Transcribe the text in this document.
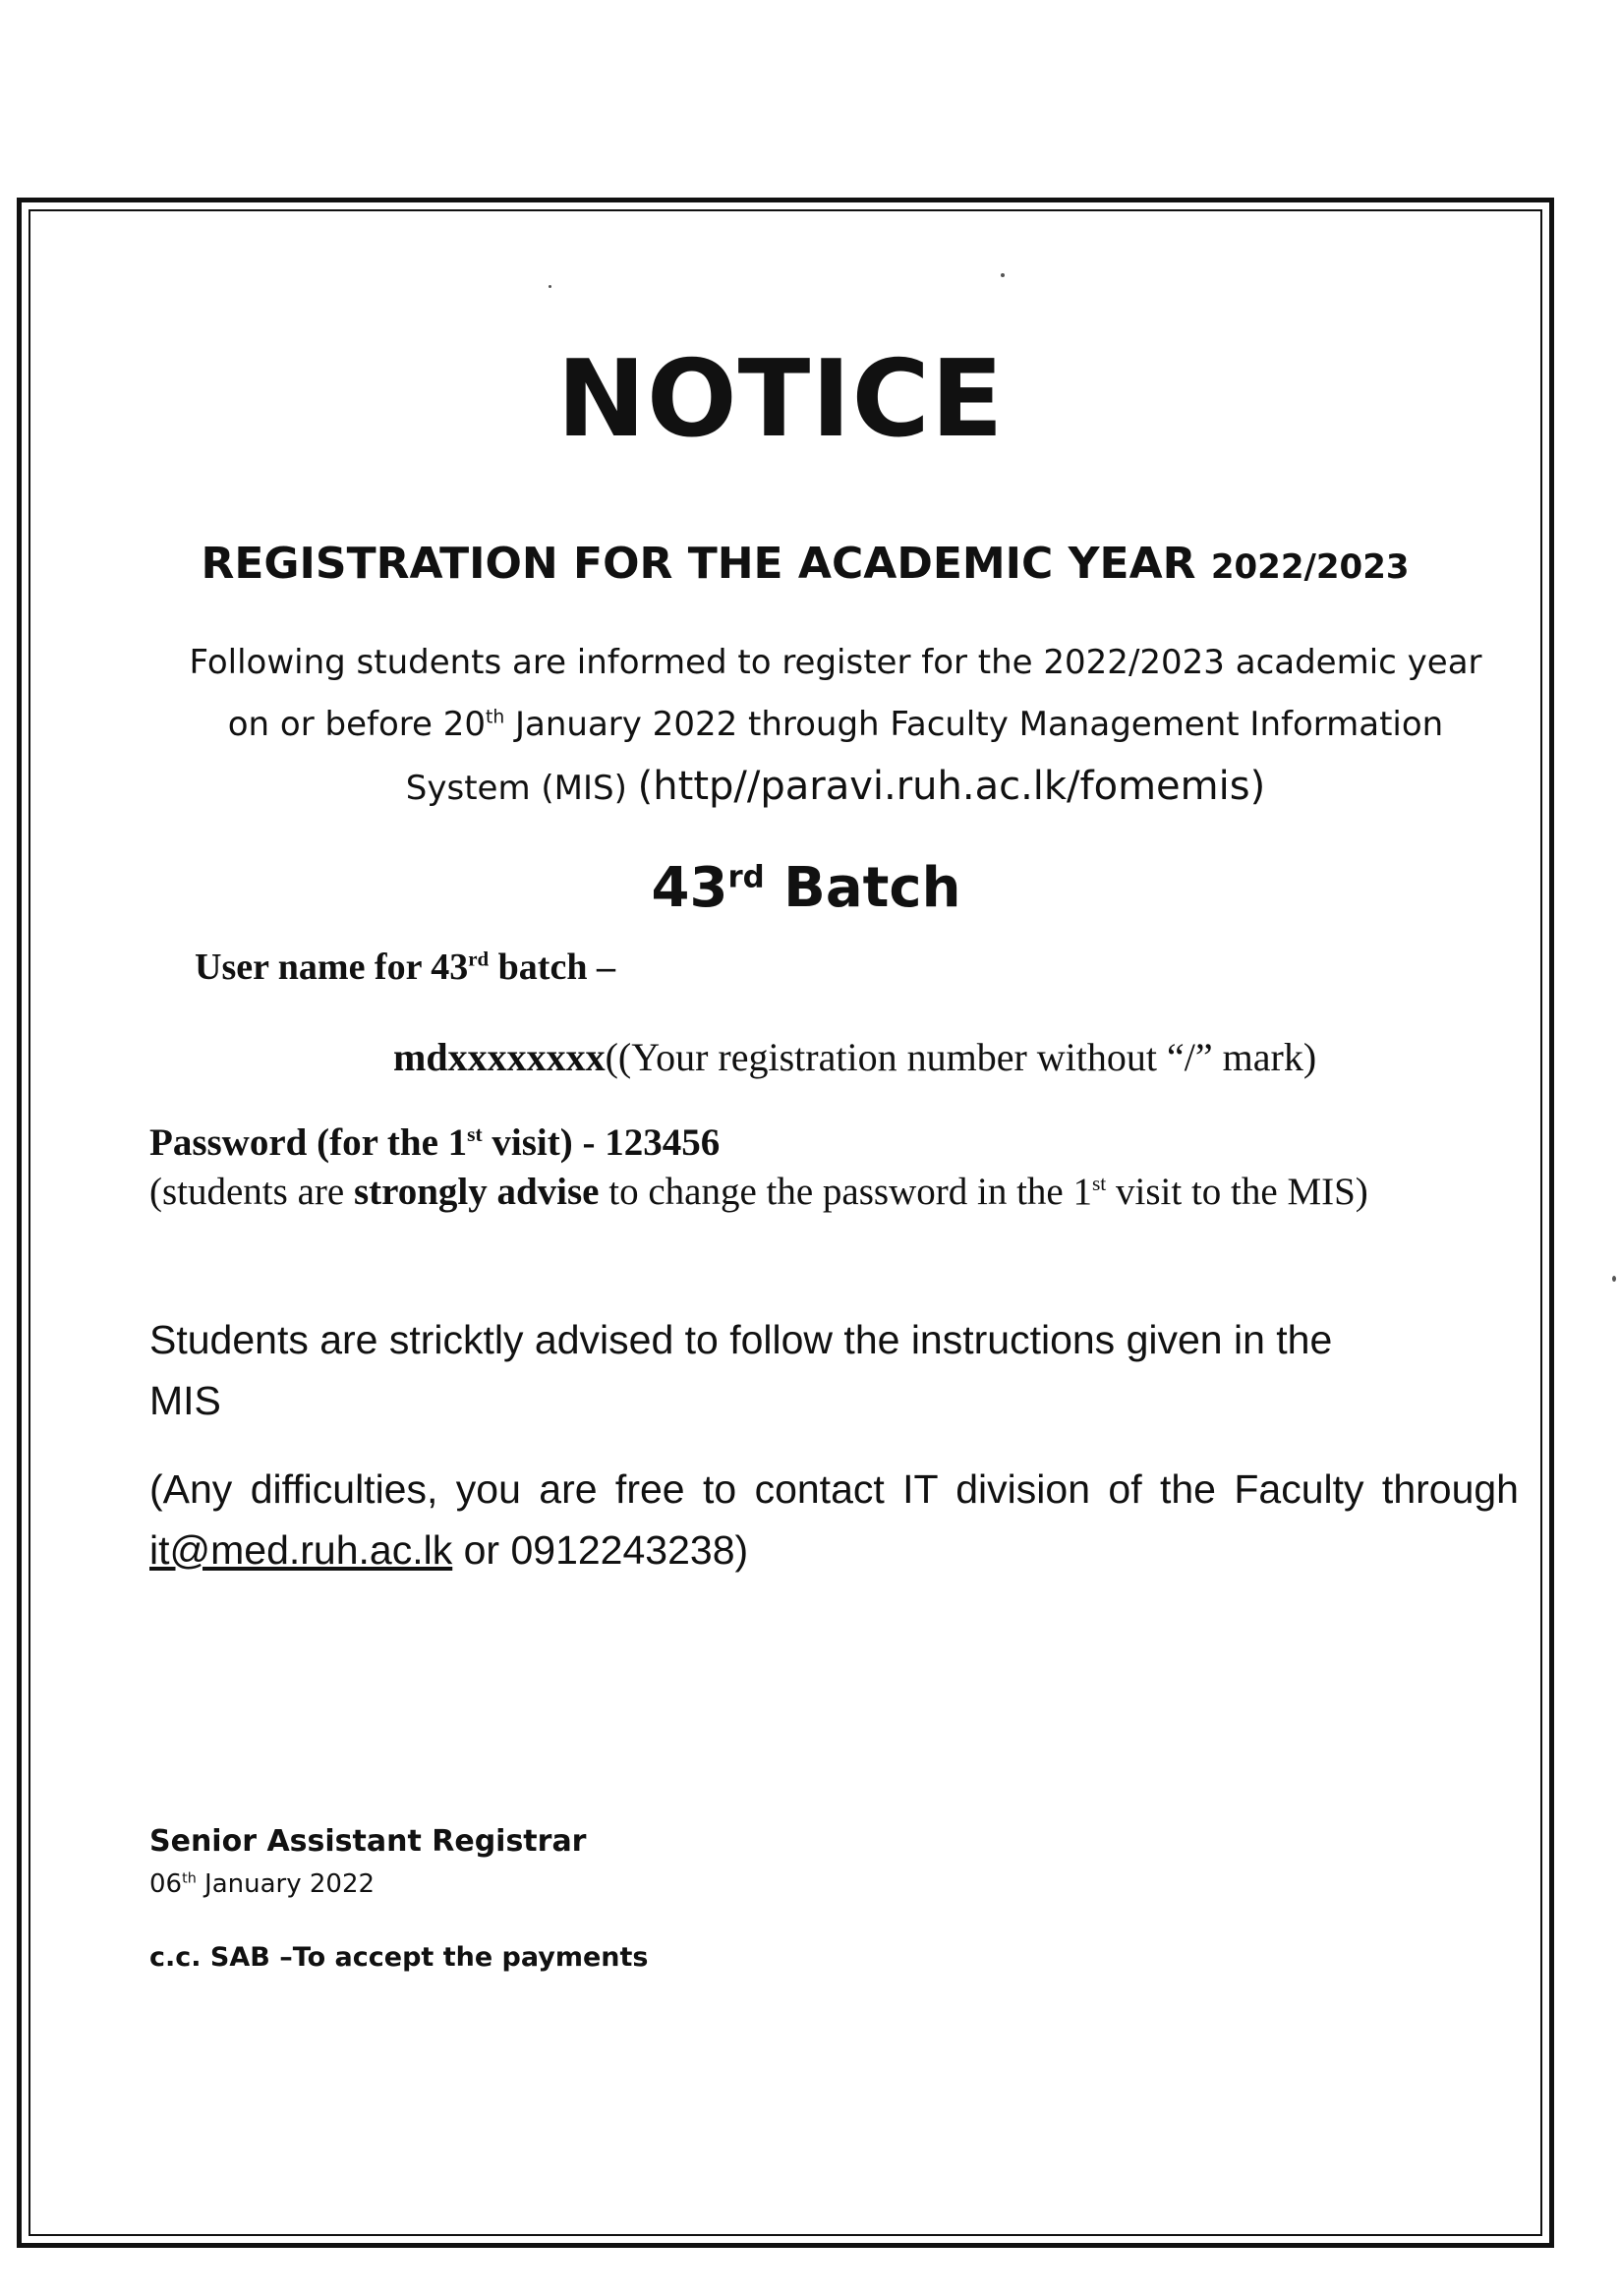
NOTICE
REGISTRATION FOR THE ACADEMIC YEAR 2022/2023
Following students are informed to register for the 2022/2023 academic year
on or before 20th January 2022 through Faculty Management Information
System (MIS) (http//paravi.ruh.ac.lk/fomemis)
43rd Batch
User name for 43rd batch –
mdxxxxxxxx((Your registration number without “/” mark)
Password (for the 1st visit) - 123456
(students are strongly advise to change the password in the 1st visit to the MIS)
Students are stricktly advised to follow the instructions given in the
MIS
(Any difficulties, you are free to contact IT division of the Faculty through it@med.ruh.ac.lk or 0912243238)
Senior Assistant Registrar
06th January 2022
c.c. SAB –To accept the payments
